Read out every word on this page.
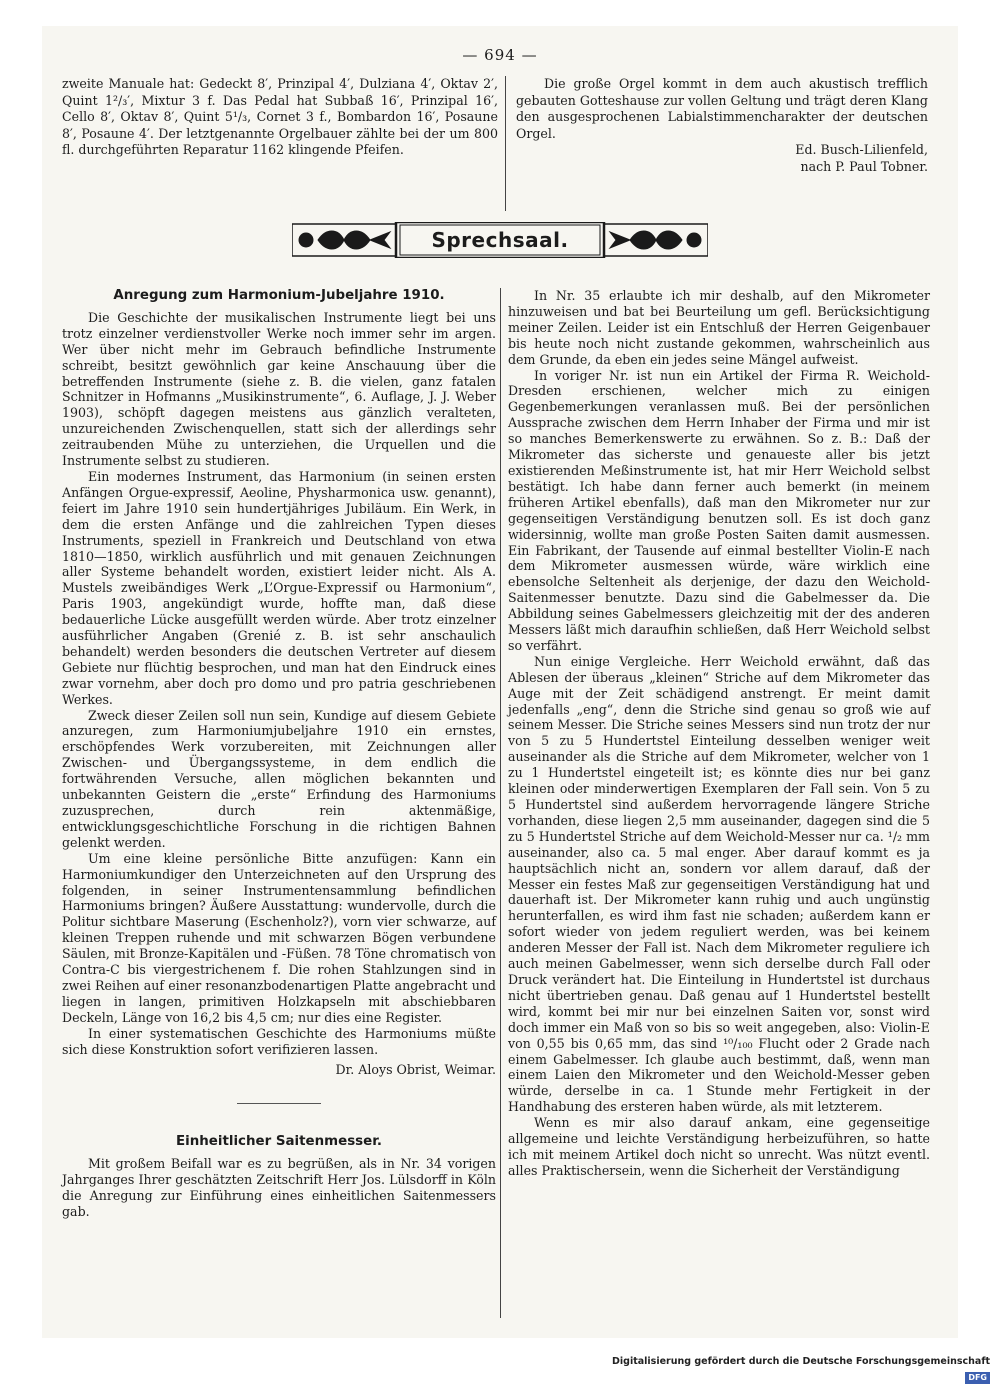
— 694 —

zweite Manuale hat: Gedeckt 8′, Prinzipal 4′, Dulziana 4′, Oktav 2′, Quint 1²/₃′, Mixtur 3 f. Das Pedal hat Subbaß 16′, Prinzipal 16′, Cello 8′, Oktav 8′, Quint 5¹/₃, Cornet 3 f., Bombardon 16′, Posaune 8′, Posaune 4′. Der letztgenannte Orgelbauer zählte bei der um 800 fl. durchgeführten Reparatur 1162 klingende Pfeifen.

Die große Orgel kommt in dem auch akustisch trefflich gebauten Gotteshause zur vollen Geltung und trägt deren Klang den ausgesprochenen Labialstimmencharakter der deutschen Orgel.

Ed. Busch-Lilienfeld,

nach P. Paul Tobner.

Sprechsaal.
Anregung zum Harmonium-Jubeljahre 1910.

Die Geschichte der musikalischen Instrumente liegt bei uns trotz einzelner verdienstvoller Werke noch immer sehr im argen. Wer über nicht mehr im Gebrauch befindliche Instrumente schreibt, besitzt gewöhnlich gar keine Anschauung über die betreffenden Instrumente (siehe z. B. die vielen, ganz fatalen Schnitzer in Hofmanns „Musikinstrumente“, 6. Auflage, J. J. Weber 1903), schöpft dagegen meistens aus gänzlich veralteten, unzureichenden Zwischenquellen, statt sich der allerdings sehr zeitraubenden Mühe zu unterziehen, die Urquellen und die Instrumente selbst zu studieren.

Ein modernes Instrument, das Harmonium (in seinen ersten Anfängen Orgue-expressif, Aeoline, Physharmonica usw. genannt), feiert im Jahre 1910 sein hundertjähriges Jubiläum. Ein Werk, in dem die ersten Anfänge und die zahlreichen Typen dieses Instruments, speziell in Frankreich und Deutschland von etwa 1810—1850, wirklich ausführlich und mit genauen Zeichnungen aller Systeme behandelt worden, existiert leider nicht. Als A. Mustels zweibändiges Werk „L’Orgue-Expressif ou Harmonium“, Paris 1903, angekündigt wurde, hoffte man, daß diese bedauerliche Lücke ausgefüllt werden würde. Aber trotz einzelner ausführlicher Angaben (Grenié z. B. ist sehr anschaulich behandelt) werden besonders die deutschen Vertreter auf diesem Gebiete nur flüchtig besprochen, und man hat den Eindruck eines zwar vornehm, aber doch pro domo und pro patria geschriebenen Werkes.

Zweck dieser Zeilen soll nun sein, Kundige auf diesem Gebiete anzuregen, zum Harmoniumjubeljahre 1910 ein ernstes, erschöpfendes Werk vorzubereiten, mit Zeichnungen aller Zwischen- und Übergangssysteme, in dem endlich die fortwährenden Versuche, allen möglichen bekannten und unbekannten Geistern die „erste“ Erfindung des Harmoniums zuzusprechen, durch rein aktenmäßige, entwicklungsgeschichtliche Forschung in die richtigen Bahnen gelenkt werden.

Um eine kleine persönliche Bitte anzufügen: Kann ein Harmoniumkundiger den Unterzeichneten auf den Ursprung des folgenden, in seiner Instrumentensammlung befindlichen Harmoniums bringen? Äußere Ausstattung: wundervolle, durch die Politur sichtbare Maserung (Eschenholz?), vorn vier schwarze, auf kleinen Treppen ruhende und mit schwarzen Bögen verbundene Säulen, mit Bronze-Kapitälen und -Füßen. 78 Töne chromatisch von Contra-C bis viergestrichenem f. Die rohen Stahlzungen sind in zwei Reihen auf einer resonanzbodenartigen Platte angebracht und liegen in langen, primitiven Holzkapseln mit abschiebbaren Deckeln, Länge von 16,2 bis 4,5 cm; nur dies eine Register.

In einer systematischen Geschichte des Harmoniums müßte sich diese Konstruktion sofort verifizieren lassen.

Dr. Aloys Obrist, Weimar.

Einheitlicher Saitenmesser.

Mit großem Beifall war es zu begrüßen, als in Nr. 34 vorigen Jahrganges Ihrer geschätzten Zeitschrift Herr Jos. Lülsdorff in Köln die Anregung zur Einführung eines einheitlichen Saitenmessers gab.

In Nr. 35 erlaubte ich mir deshalb, auf den Mikrometer hinzuweisen und bat bei Beurteilung um gefl. Berücksichtigung meiner Zeilen. Leider ist ein Entschluß der Herren Geigenbauer bis heute noch nicht zustande gekommen, wahrscheinlich aus dem Grunde, da eben ein jedes seine Mängel aufweist.

In voriger Nr. ist nun ein Artikel der Firma R. Weichold-Dresden erschienen, welcher mich zu einigen Gegenbemerkungen veranlassen muß. Bei der persönlichen Aussprache zwischen dem Herrn Inhaber der Firma und mir ist so manches Bemerkenswerte zu erwähnen. So z. B.: Daß der Mikrometer das sicherste und genaueste aller bis jetzt existierenden Meßinstrumente ist, hat mir Herr Weichold selbst bestätigt. Ich habe dann ferner auch bemerkt (in meinem früheren Artikel ebenfalls), daß man den Mikrometer nur zur gegenseitigen Verständigung benutzen soll. Es ist doch ganz widersinnig, wollte man große Posten Saiten damit ausmessen. Ein Fabrikant, der Tausende auf einmal bestellter Violin-E nach dem Mikrometer ausmessen würde, wäre wirklich eine ebensolche Seltenheit als derjenige, der dazu den Weichold-Saitenmesser benutzte. Dazu sind die Gabelmesser da. Die Abbildung seines Gabelmessers gleichzeitig mit der des anderen Messers läßt mich daraufhin schließen, daß Herr Weichold selbst so verfährt.

Nun einige Vergleiche. Herr Weichold erwähnt, daß das Ablesen der überaus „kleinen“ Striche auf dem Mikrometer das Auge mit der Zeit schädigend anstrengt. Er meint damit jedenfalls „eng“, denn die Striche sind genau so groß wie auf seinem Messer. Die Striche seines Messers sind nun trotz der nur von 5 zu 5 Hundertstel Einteilung desselben weniger weit auseinander als die Striche auf dem Mikrometer, welcher von 1 zu 1 Hundertstel eingeteilt ist; es könnte dies nur bei ganz kleinen oder minderwertigen Exemplaren der Fall sein. Von 5 zu 5 Hundertstel sind außerdem hervorragende längere Striche vorhanden, diese liegen 2,5 mm auseinander, dagegen sind die 5 zu 5 Hundertstel Striche auf dem Weichold-Messer nur ca. ¹/₂ mm auseinander, also ca. 5 mal enger. Aber darauf kommt es ja hauptsächlich nicht an, sondern vor allem darauf, daß der Messer ein festes Maß zur gegenseitigen Verständigung hat und dauerhaft ist. Der Mikrometer kann ruhig und auch ungünstig herunterfallen, es wird ihm fast nie schaden; außerdem kann er sofort wieder von jedem reguliert werden, was bei keinem anderen Messer der Fall ist. Nach dem Mikrometer reguliere ich auch meinen Gabelmesser, wenn sich derselbe durch Fall oder Druck verändert hat. Die Einteilung in Hundertstel ist durchaus nicht übertrieben genau. Daß genau auf 1 Hundertstel bestellt wird, kommt bei mir nur bei einzelnen Saiten vor, sonst wird doch immer ein Maß von so bis so weit angegeben, also: Violin-E von 0,55 bis 0,65 mm, das sind ¹⁰/₁₀₀ Flucht oder 2 Grade nach einem Gabelmesser. Ich glaube auch bestimmt, daß, wenn man einem Laien den Mikrometer und den Weichold-Messer geben würde, derselbe in ca. 1 Stunde mehr Fertigkeit in der Handhabung des ersteren haben würde, als mit letzterem.

Wenn es mir also darauf ankam, eine gegenseitige allgemeine und leichte Verständigung herbeizuführen, so hatte ich mit meinem Artikel doch nicht so unrecht. Was nützt eventl. alles Praktischersein, wenn die Sicherheit der Verständigung

Digitalisierung gefördert durch die Deutsche Forschungsgemeinschaft DFG
